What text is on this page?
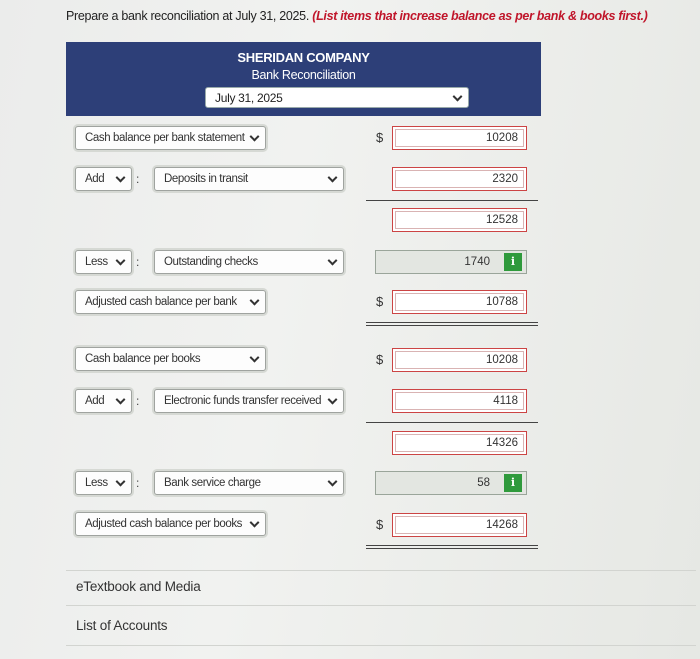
Prepare a bank reconciliation at July 31, 2025. (List items that increase balance as per bank & books first.)
SHERIDAN COMPANY
Bank Reconciliation
July 31, 2025
Cash balance per bank statement	$	10208
Add	: Deposits in transit	2320
12528
Less : Outstanding checks	1740	i
Adjusted cash balance per bank	$	10788
Cash balance per books	$	10208
Add	: Electronic funds transfer received	4118
14326
Less : Bank service charge	58	i
Adjusted cash balance per books	$	14268
eTextbook and Media
List of Accounts
